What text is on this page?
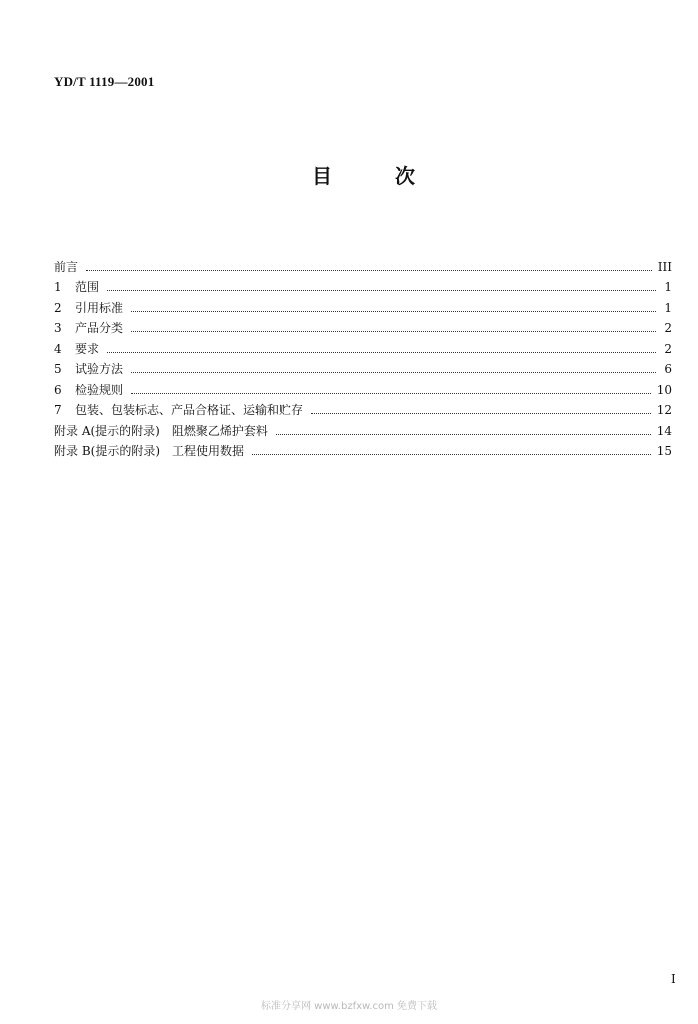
YD/T 1119—2001
目	次
前言	III
1	范围	1
2	引用标准	1
3	产品分类	2
4	要求	2
5	试验方法	6
6	检验规则	10
7	包装、包装标志、产品合格证、运输和贮存	12
附录 A(提示的附录)　阻燃聚乙烯护套料	14
附录 B(提示的附录)　工程使用数据	15
I
标准分享网 www.bzfxw.com 免费下载
